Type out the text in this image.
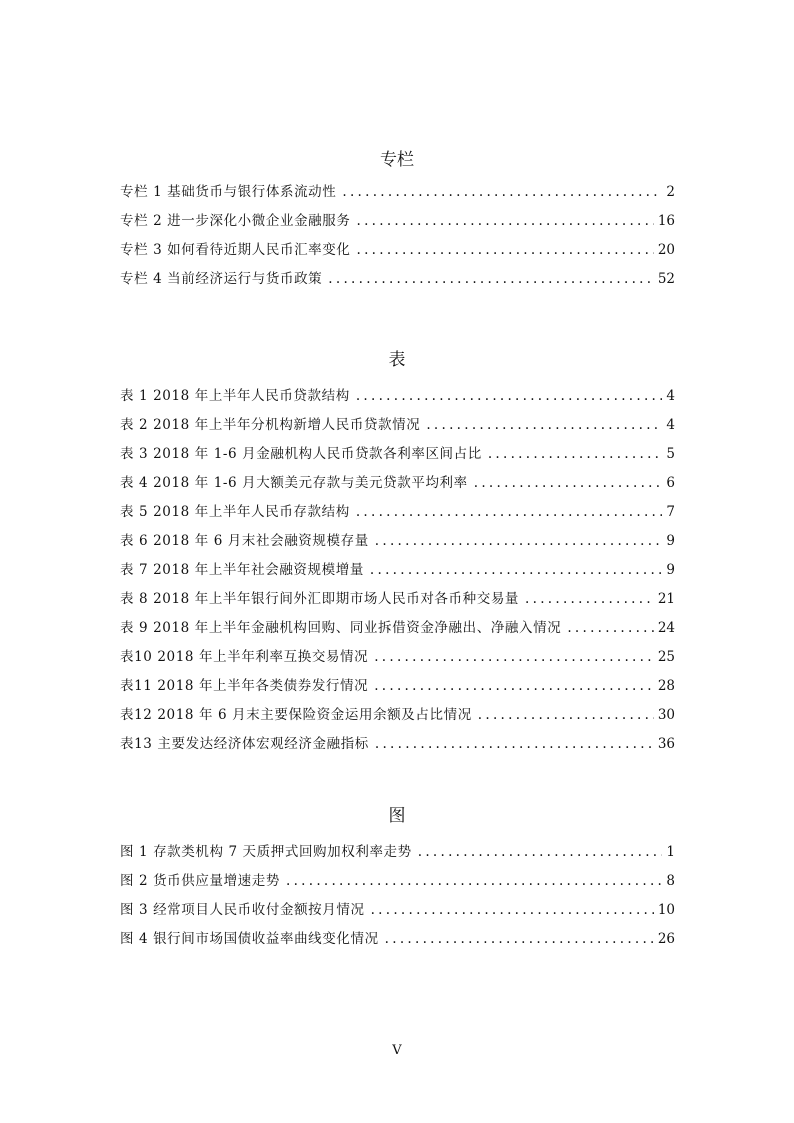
专栏
专栏 1 基础货币与银行体系流动性 . . .	2
专栏 2 进一步深化小微企业金融服务 . . .	16
专栏 3 如何看待近期人民币汇率变化 . . .	20
专栏 4 当前经济运行与货币政策 . . .	52
表
表 1 2018 年上半年人民币贷款结构 . . .	4
表 2 2018 年上半年分机构新增人民币贷款情况 . . .	4
表 3 2018 年 1-6 月金融机构人民币贷款各利率区间占比 . . .	5
表 4 2018 年 1-6 月大额美元存款与美元贷款平均利率 . . .	6
表 5 2018 年上半年人民币存款结构 . . .	7
表 6 2018 年 6 月末社会融资规模存量 . . .	9
表 7 2018 年上半年社会融资规模增量 . . .	9
表 8 2018 年上半年银行间外汇即期市场人民币对各币种交易量 . . .	21
表 9 2018 年上半年金融机构回购、同业拆借资金净融出、净融入情况 . . .	24
表10 2018 年上半年利率互换交易情况 . . .	25
表11 2018 年上半年各类债券发行情况 . . .	28
表12 2018 年 6 月末主要保险资金运用余额及占比情况 . . .	30
表13 主要发达经济体宏观经济金融指标 . . .	36
图
图 1 存款类机构 7 天质押式回购加权利率走势 . . .	1
图 2 货币供应量增速走势 . . .	8
图 3 经常项目人民币收付金额按月情况 . . .	10
图 4 银行间市场国债收益率曲线变化情况 . . .	26
V
